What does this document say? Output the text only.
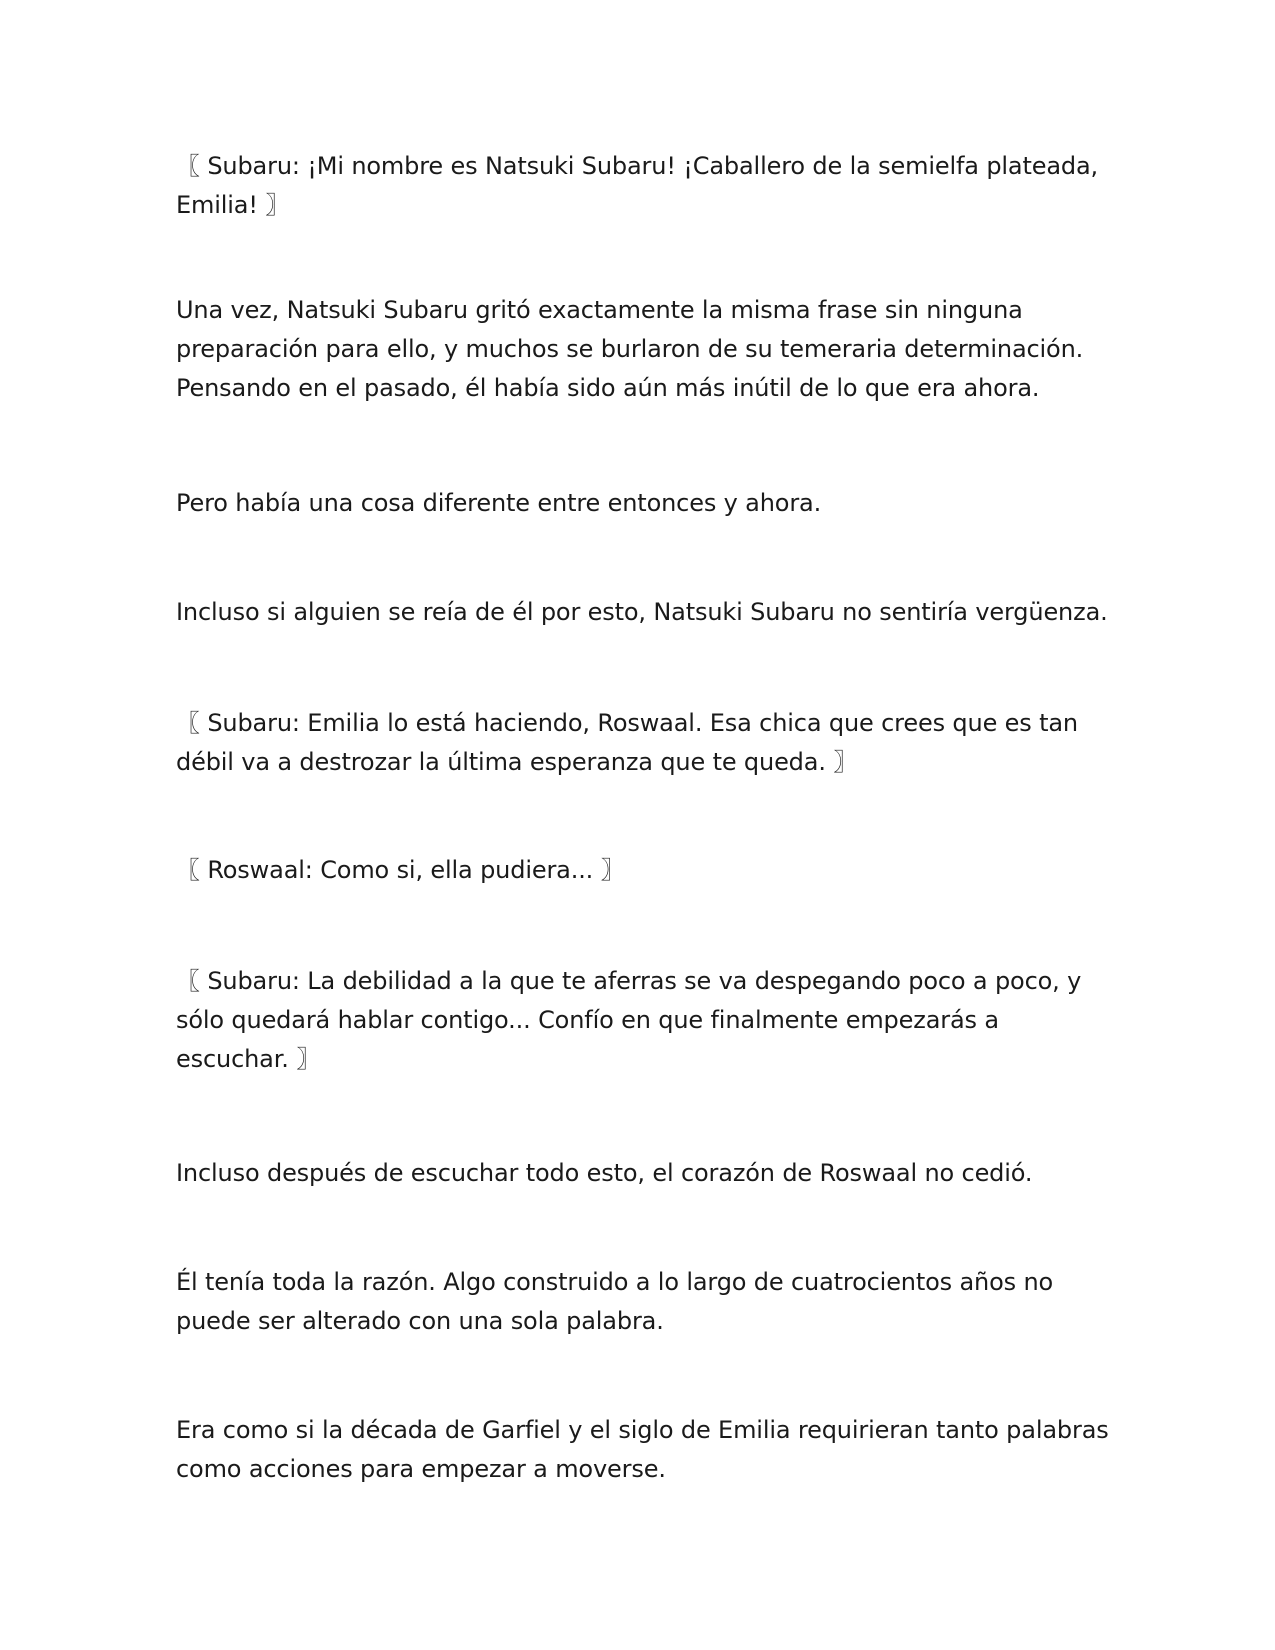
〖 Subaru: ¡Mi nombre es Natsuki Subaru! ¡Caballero de la semielfa plateada,
Emilia! 〗

Una vez, Natsuki Subaru gritó exactamente la misma frase sin ninguna
preparación para ello, y muchos se burlaron de su temeraria determinación.
Pensando en el pasado, él había sido aún más inútil de lo que era ahora.

Pero había una cosa diferente entre entonces y ahora.

Incluso si alguien se reía de él por esto, Natsuki Subaru no sentiría vergüenza.

〖 Subaru: Emilia lo está haciendo, Roswaal. Esa chica que crees que es tan
débil va a destrozar la última esperanza que te queda. 〗

〖 Roswaal: Como si, ella pudiera... 〗

〖 Subaru: La debilidad a la que te aferras se va despegando poco a poco, y
sólo quedará hablar contigo... Confío en que finalmente empezarás a
escuchar. 〗

Incluso después de escuchar todo esto, el corazón de Roswaal no cedió.

Él tenía toda la razón. Algo construido a lo largo de cuatrocientos años no
puede ser alterado con una sola palabra.

Era como si la década de Garfiel y el siglo de Emilia requirieran tanto palabras
como acciones para empezar a moverse.
